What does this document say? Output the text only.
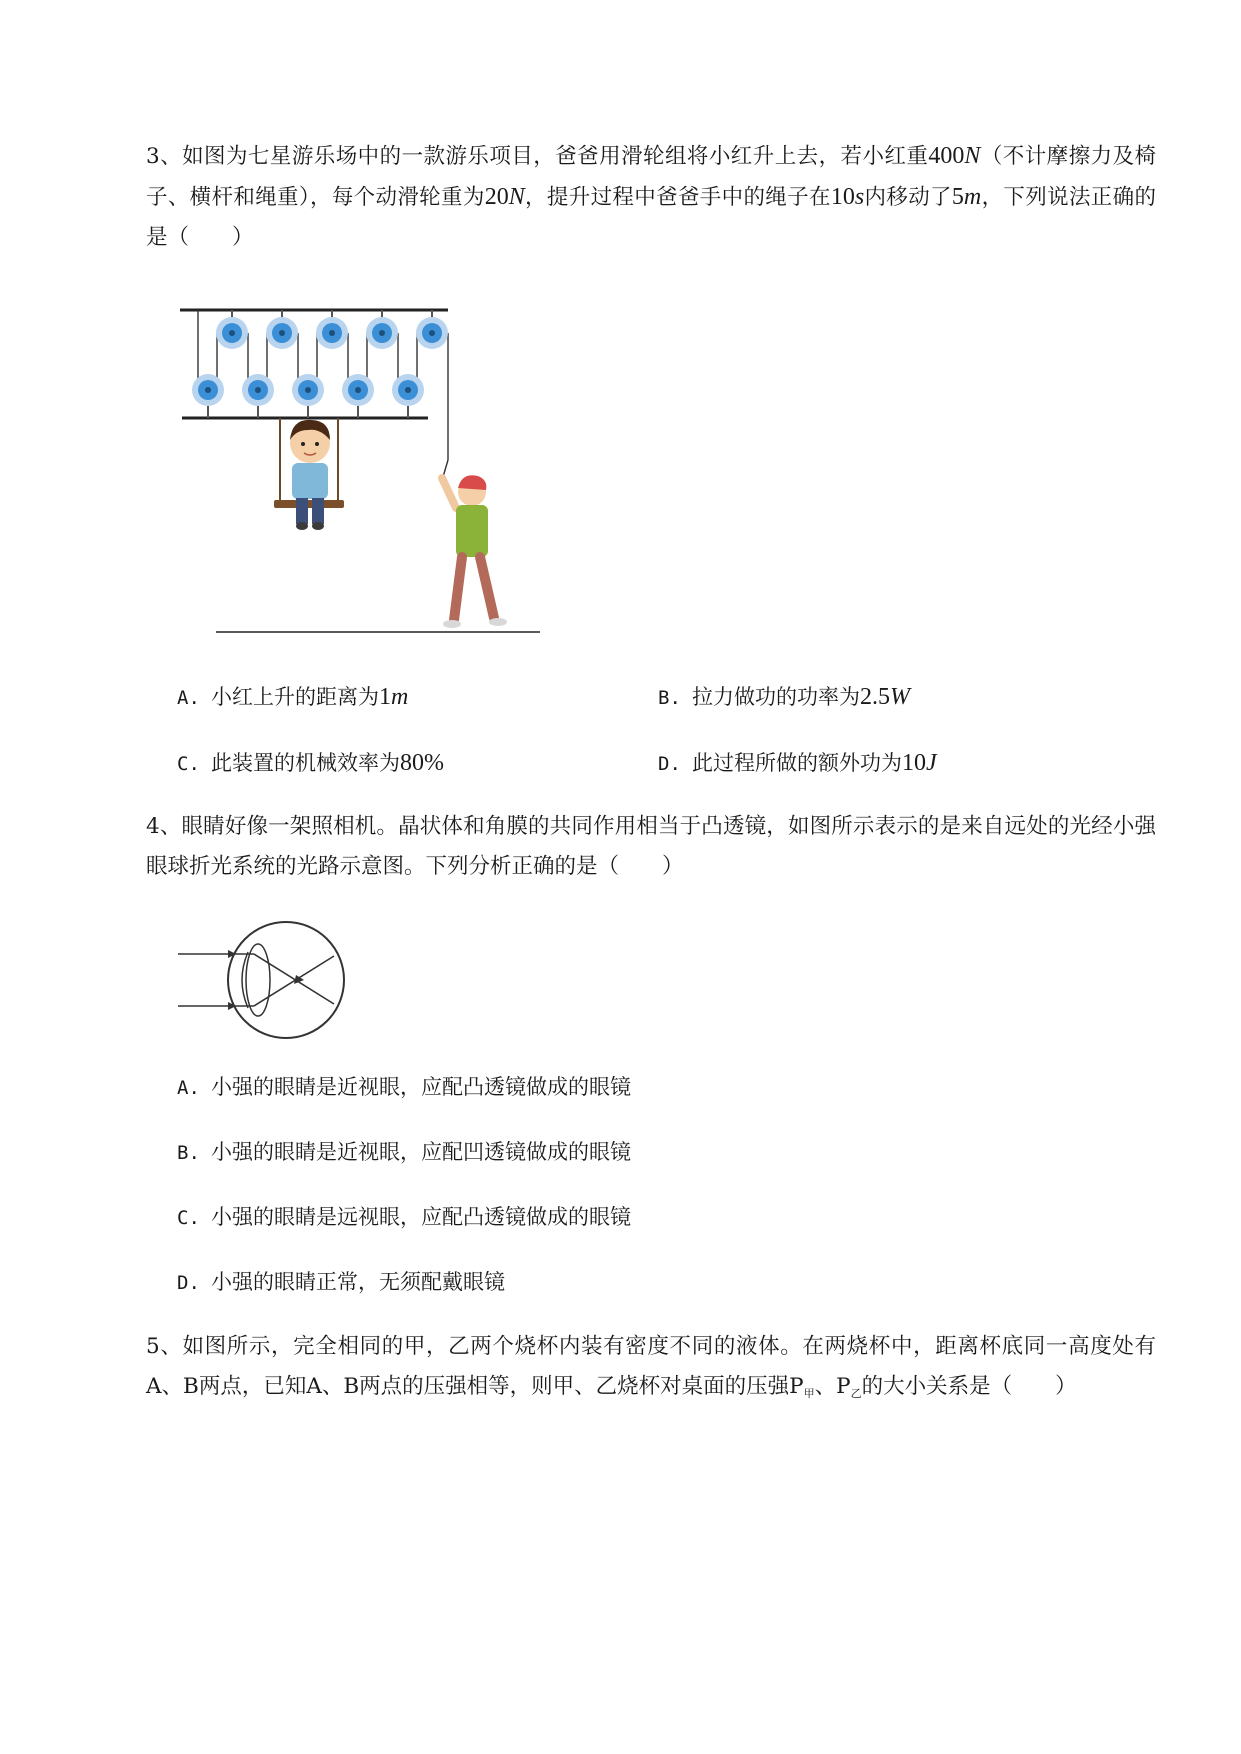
3、如图为七星游乐场中的一款游乐项目，爸爸用滑轮组将小红升上去，若小红重400N（不计摩擦力及椅子、横杆和绳重），每个动滑轮重为20N，提升过程中爸爸手中的绳子在10s内移动了5m，下列说法正确的是（　　）
A. 小红上升的距离为1m	B. 拉力做功的功率为2.5W
C. 此装置的机械效率为80%	D. 此过程所做的额外功为10J
4、眼睛好像一架照相机。晶状体和角膜的共同作用相当于凸透镜，如图所示表示的是来自远处的光经小强眼球折光系统的光路示意图。下列分析正确的是（　　）
A. 小强的眼睛是近视眼，应配凸透镜做成的眼镜
B. 小强的眼睛是近视眼，应配凹透镜做成的眼镜
C. 小强的眼睛是远视眼，应配凸透镜做成的眼镜
D. 小强的眼睛正常，无须配戴眼镜
5、如图所示，完全相同的甲，乙两个烧杯内装有密度不同的液体。在两烧杯中，距离杯底同一高度处有A、B两点，已知A、B两点的压强相等，则甲、乙烧杯对桌面的压强$P_甲$、$P_乙$的大小关系是（　　）
